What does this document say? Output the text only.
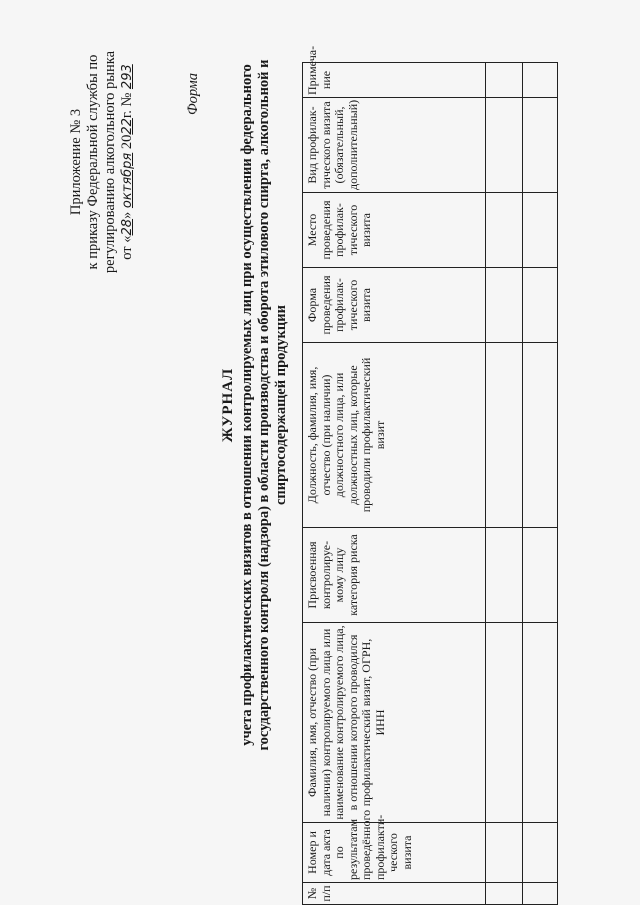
Приложение № 3 к приказу Федеральной службы по регулированию алкогольного рынка от «28» октября 2022г. № 293	Форма
ЖУРНАЛ учета профилактических визитов в отношении контролируемых лиц при осуществлении федерального государственного контроля (надзора) в области производства и оборота этилового спирта, алкогольной и спиртосодержащей продукции
№ п/п	Номер и дата акта по результатам проведённого профилакти-ческого визита	Фамилия, имя, отчество (при наличии) контролируемого лица или наименование контролируемого лица, в отношении которого проводился профилактический визит, ОГРН, ИНН	Присвоенная контролируе-мому лицу категория риска	Должность, фамилия, имя, отчество (при наличии) должностного лица, или должностных лиц, которые проводили профилактический визит	Форма проведения профилак-тического визита	Место проведения профилак-тического визита	Вид профилак-тического визита (обязательный, дополнительный)	Примеча-ние
